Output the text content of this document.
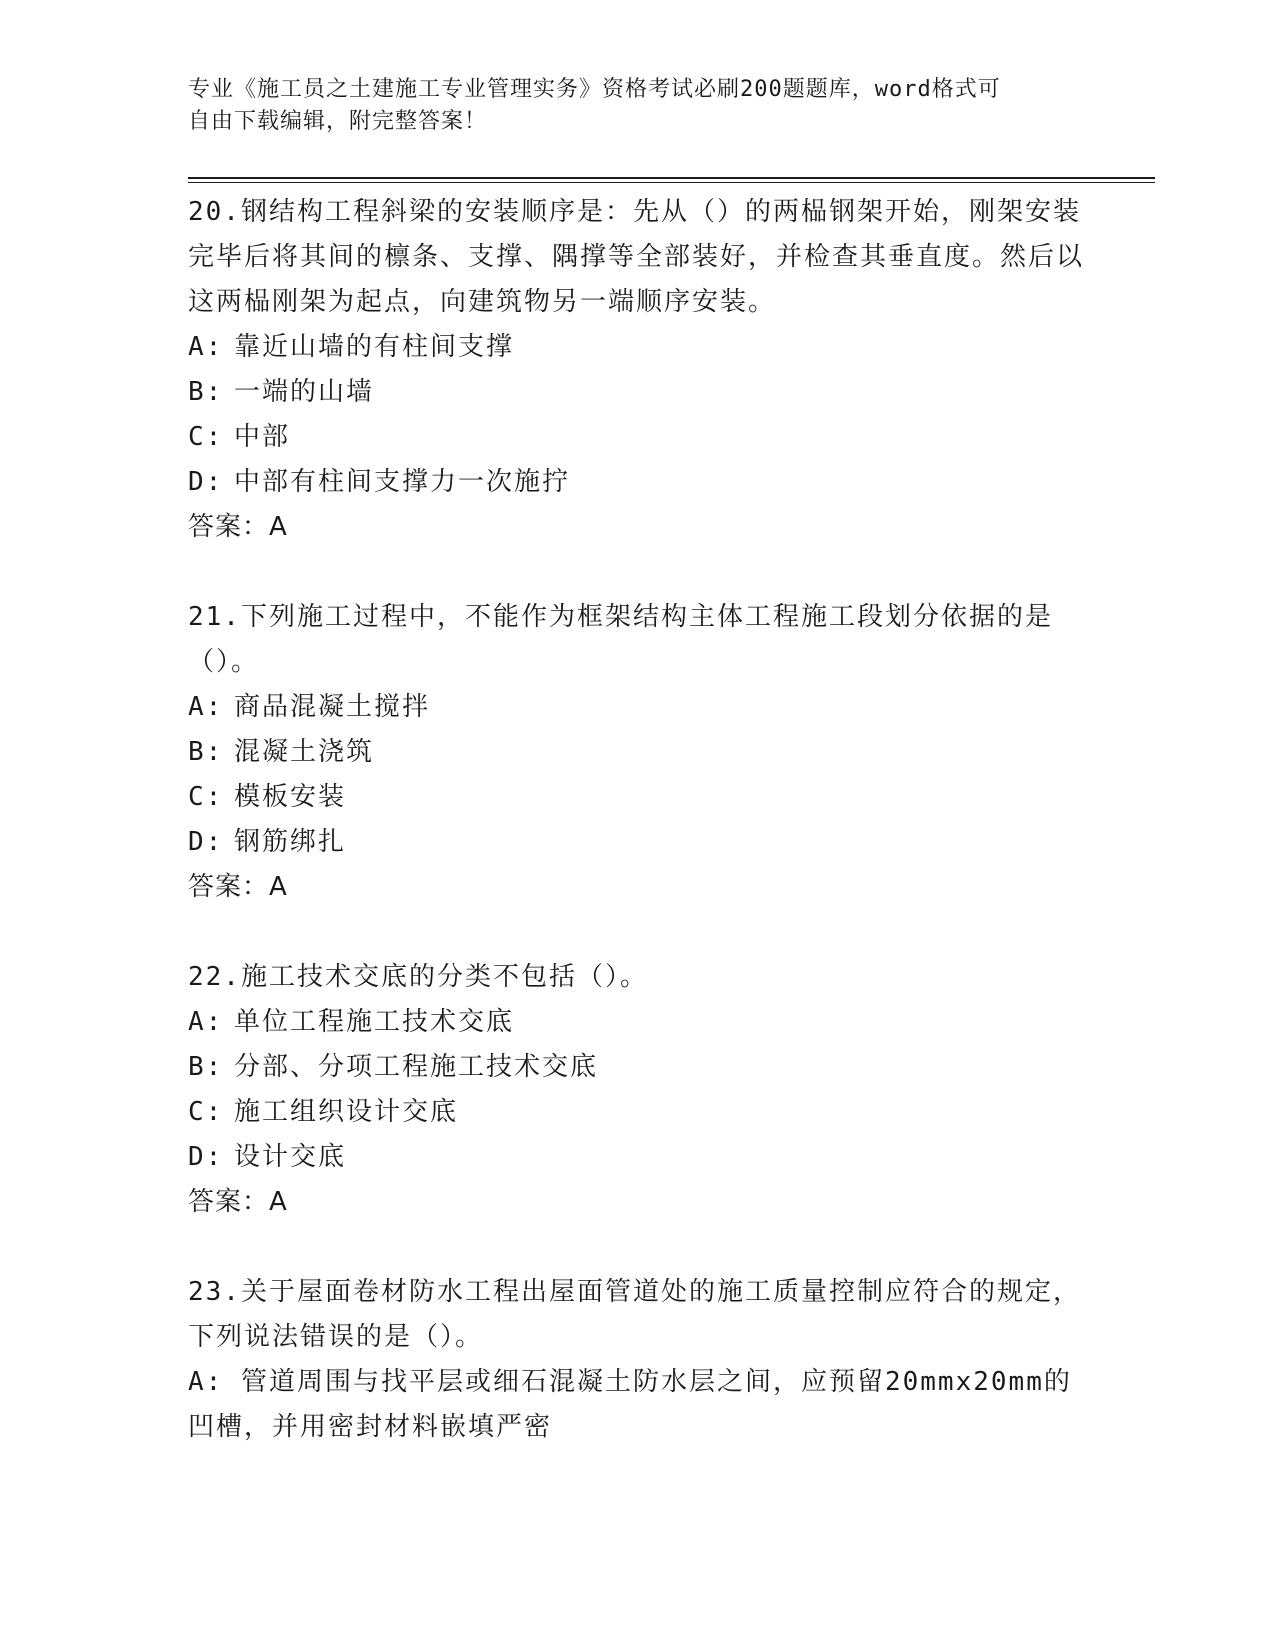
专业《施工员之土建施工专业管理实务》资格考试必刷200题题库，word格式可
自由下载编辑，附完整答案！
20.钢结构工程斜梁的安装顺序是：先从（）的两榀钢架开始，刚架安装完毕后将其间的檩条、支撑、隅撑等全部装好，并检查其垂直度。然后以这两榀刚架为起点，向建筑物另一端顺序安装。
A: 靠近山墙的有柱间支撑
B: 一端的山墙
C: 中部
D: 中部有柱间支撑力一次施拧
答案：A
21.下列施工过程中，不能作为框架结构主体工程施工段划分依据的是（）。
A: 商品混凝土搅拌
B: 混凝土浇筑
C: 模板安装
D: 钢筋绑扎
答案：A
22.施工技术交底的分类不包括（）。
A: 单位工程施工技术交底
B: 分部、分项工程施工技术交底
C: 施工组织设计交底
D: 设计交底
答案：A
23.关于屋面卷材防水工程出屋面管道处的施工质量控制应符合的规定，下列说法错误的是（）。
A: 管道周围与找平层或细石混凝土防水层之间，应预留20mmx20mm的凹槽，并用密封材料嵌填严密
